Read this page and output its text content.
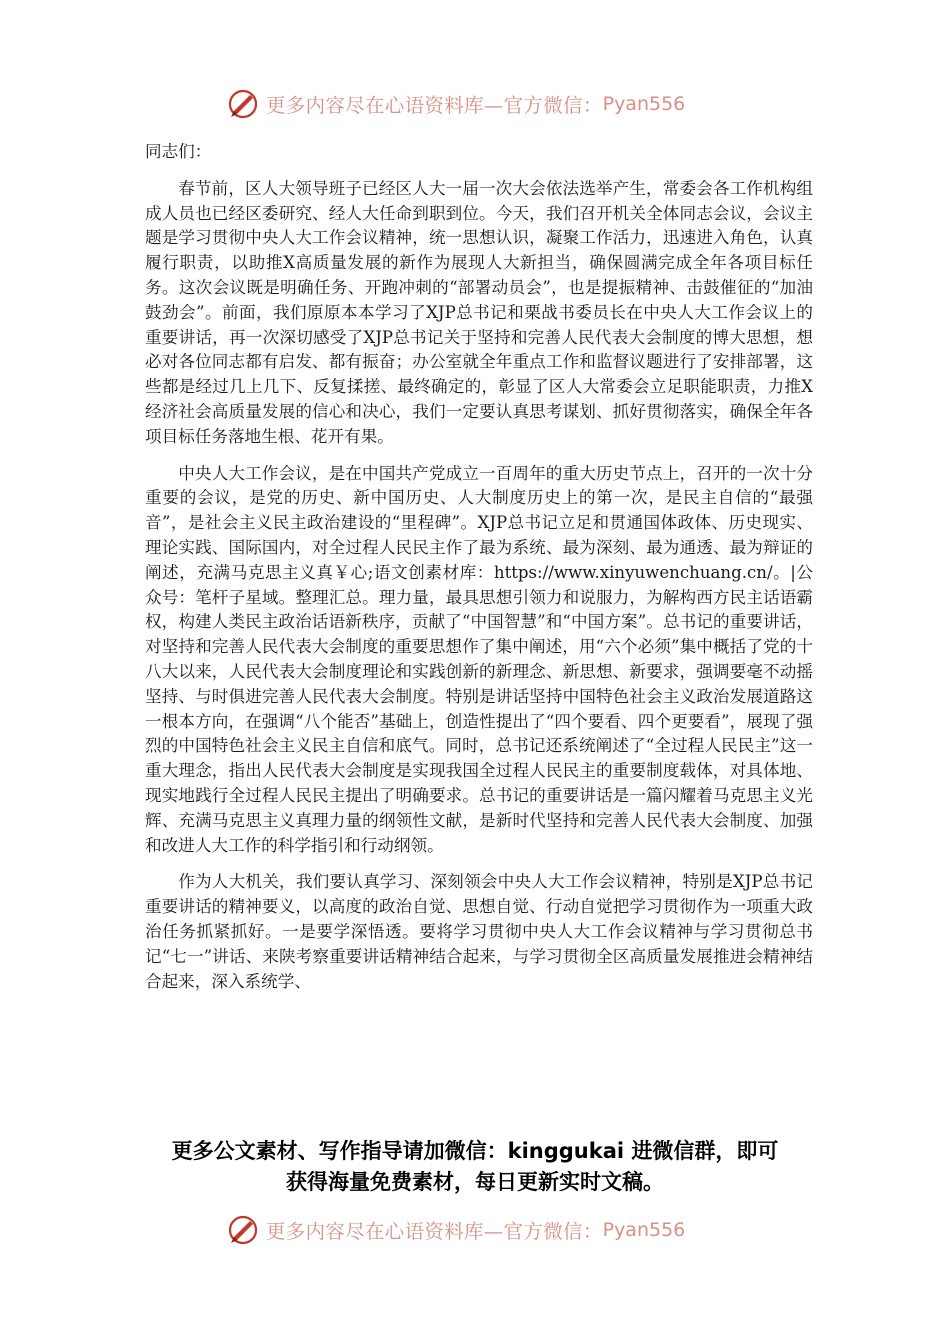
更多内容尽在心语资料库—官方微信： Pyan556

同志们：

春节前，区人大领导班子已经区人大一届一次大会依法选举产生，常委会各工作机构组成人员也已经区委研究、经人大任命到职到位。今天，我们召开机关全体同志会议，会议主题是学习贯彻中央人大工作会议精神，统一思想认识，凝聚工作活力，迅速进入角色，认真履行职责，以助推X高质量发展的新作为展现人大新担当，确保圆满完成全年各项目标任务。这次会议既是明确任务、开跑冲刺的“部署动员会”，也是提振精神、击鼓催征的“加油鼓劲会”。前面，我们原原本本学习了XJP总书记和栗战书委员长在中央人大工作会议上的重要讲话，再一次深切感受了XJP总书记关于坚持和完善人民代表大会制度的博大思想，想必对各位同志都有启发、都有振奋；办公室就全年重点工作和监督议题进行了安排部署，这些都是经过几上几下、反复揉搓、最终确定的，彰显了区人大常委会立足职能职责，力推X经济社会高质量发展的信心和决心，我们一定要认真思考谋划、抓好贯彻落实，确保全年各项目标任务落地生根、花开有果。

中央人大工作会议，是在中国共产党成立一百周年的重大历史节点上，召开的一次十分重要的会议，是党的历史、新中国历史、人大制度历史上的第一次，是民主自信的“最强音”，是社会主义民主政治建设的“里程碑”。XJP总书记立足和贯通国体政体、历史现实、理论实践、国际国内，对全过程人民民主作了最为系统、最为深刻、最为通透、最为辩证的阐述，充满马克思主义真￥心;语文创素材库：https://www.xinyuwenchuang.cn/。|公众号：笔杆子星域。整理汇总。理力量，最具思想引领力和说服力，为解构西方民主话语霸权，构建人类民主政治话语新秩序，贡献了“中国智慧”和“中国方案”。总书记的重要讲话，对坚持和完善人民代表大会制度的重要思想作了集中阐述，用“六个必须”集中概括了党的十八大以来，人民代表大会制度理论和实践创新的新理念、新思想、新要求，强调要毫不动摇坚持、与时俱进完善人民代表大会制度。特别是讲话坚持中国特色社会主义政治发展道路这一根本方向，在强调“八个能否”基础上，创造性提出了“四个要看、四个更要看”，展现了强烈的中国特色社会主义民主自信和底气。同时，总书记还系统阐述了“全过程人民民主”这一重大理念，指出人民代表大会制度是实现我国全过程人民民主的重要制度载体，对具体地、现实地践行全过程人民民主提出了明确要求。总书记的重要讲话是一篇闪耀着马克思主义光辉、充满马克思主义真理力量的纲领性文献，是新时代坚持和完善人民代表大会制度、加强和改进人大工作的科学指引和行动纲领。

作为人大机关，我们要认真学习、深刻领会中央人大工作会议精神，特别是XJP总书记重要讲话的精神要义，以高度的政治自觉、思想自觉、行动自觉把学习贯彻作为一项重大政治任务抓紧抓好。一是要学深悟透。要将学习贯彻中央人大工作会议精神与学习贯彻总书记“七一”讲话、来陕考察重要讲话精神结合起来，与学习贯彻全区高质量发展推进会精神结合起来，深入系统学、

更多公文素材、写作指导请加微信：kinggukai 进微信群，即可
获得海量免费素材，每日更新实时文稿。
更多内容尽在心语资料库—官方微信： Pyan556
